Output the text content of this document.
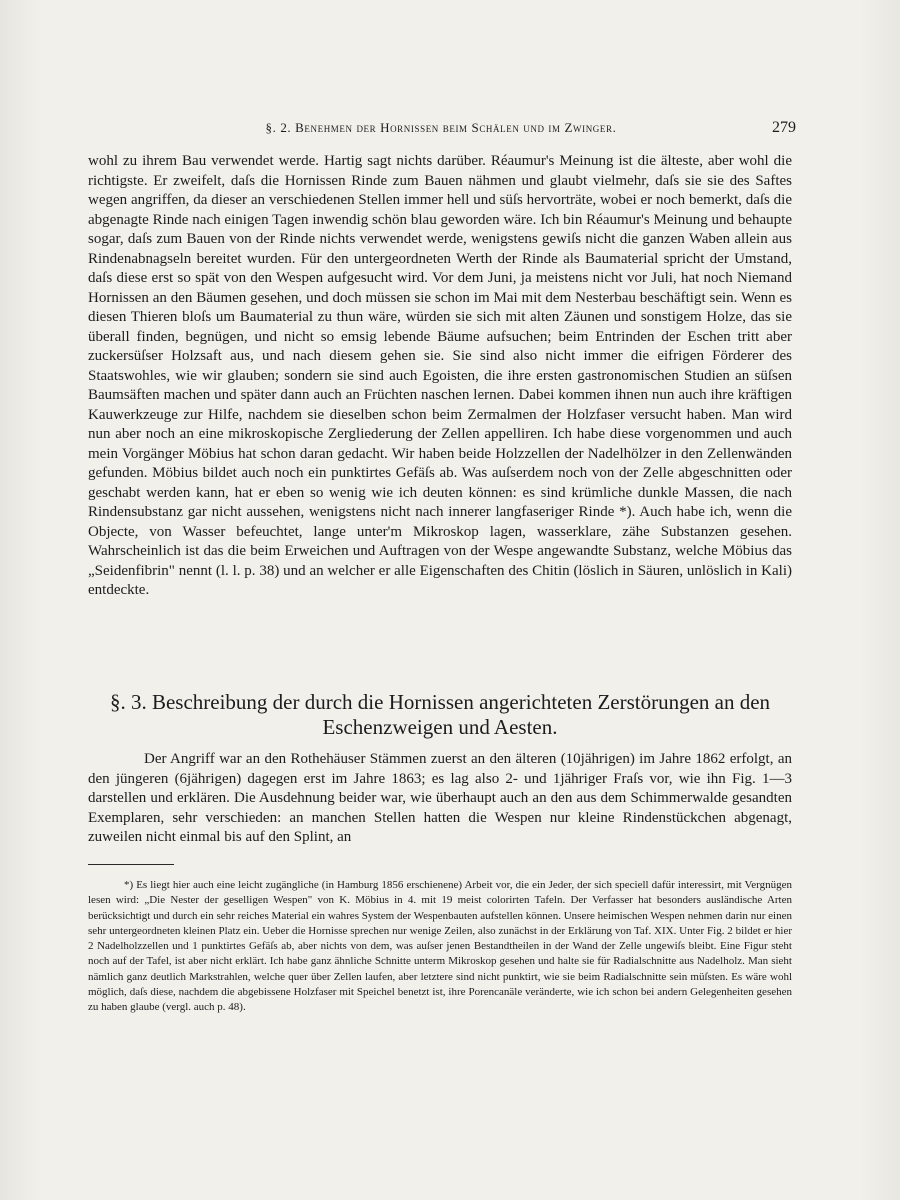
§. 2. Benehmen der Hornissen beim Schälen und im Zwinger.	279

wohl zu ihrem Bau verwendet werde. Hartig sagt nichts darüber. Réaumur's Meinung ist die älteste, aber wohl die richtigste. Er zweifelt, daſs die Hornissen Rinde zum Bauen nähmen und glaubt vielmehr, daſs sie sie des Saftes wegen angriffen, da dieser an verschiedenen Stellen immer hell und süſs hervorträte, wobei er noch bemerkt, daſs die abgenagte Rinde nach einigen Tagen inwendig schön blau geworden wäre. Ich bin Réaumur's Meinung und behaupte sogar, daſs zum Bauen von der Rinde nichts verwendet werde, wenigstens gewiſs nicht die ganzen Waben allein aus Rindenabnagseln bereitet wurden. Für den untergeordneten Werth der Rinde als Baumaterial spricht der Umstand, daſs diese erst so spät von den Wespen aufgesucht wird. Vor dem Juni, ja meistens nicht vor Juli, hat noch Niemand Hornissen an den Bäumen gesehen, und doch müssen sie schon im Mai mit dem Nesterbau beschäftigt sein. Wenn es diesen Thieren bloſs um Baumaterial zu thun wäre, würden sie sich mit alten Zäunen und sonstigem Holze, das sie überall finden, begnügen, und nicht so emsig lebende Bäume aufsuchen; beim Entrinden der Eschen tritt aber zuckersüſser Holzsaft aus, und nach diesem gehen sie. Sie sind also nicht immer die eifrigen Förderer des Staatswohles, wie wir glauben; sondern sie sind auch Egoisten, die ihre ersten gastronomischen Studien an süſsen Baumsäften machen und später dann auch an Früchten naschen lernen. Dabei kommen ihnen nun auch ihre kräftigen Kauwerkzeuge zur Hilfe, nachdem sie dieselben schon beim Zermalmen der Holzfaser versucht haben. Man wird nun aber noch an eine mikroskopische Zergliederung der Zellen appelliren. Ich habe diese vorgenommen und auch mein Vorgänger Möbius hat schon daran gedacht. Wir haben beide Holzzellen der Nadelhölzer in den Zellenwänden gefunden. Möbius bildet auch noch ein punktirtes Gefäſs ab. Was auſserdem noch von der Zelle abgeschnitten oder geschabt werden kann, hat er eben so wenig wie ich deuten können: es sind krümliche dunkle Massen, die nach Rindensubstanz gar nicht aussehen, wenigstens nicht nach innerer langfaseriger Rinde *). Auch habe ich, wenn die Objecte, von Wasser befeuchtet, lange unter'm Mikroskop lagen, wasserklare, zähe Substanzen gesehen. Wahrscheinlich ist das die beim Erweichen und Auftragen von der Wespe angewandte Substanz, welche Möbius das „Seidenfibrin" nennt (l. l. p. 38) und an welcher er alle Eigenschaften des Chitin (löslich in Säuren, unlöslich in Kali) entdeckte.

§. 3. Beschreibung der durch die Hornissen angerichteten Zerstörungen an den Eschenzweigen und Aesten.

Der Angriff war an den Rothehäuser Stämmen zuerst an den älteren (10jährigen) im Jahre 1862 erfolgt, an den jüngeren (6jährigen) dagegen erst im Jahre 1863; es lag also 2- und 1jähriger Fraſs vor, wie ihn Fig. 1—3 darstellen und erklären. Die Ausdehnung beider war, wie überhaupt auch an den aus dem Schimmerwalde gesandten Exemplaren, sehr verschieden: an manchen Stellen hatten die Wespen nur kleine Rindenstückchen abgenagt, zuweilen nicht einmal bis auf den Splint, an

*) Es liegt hier auch eine leicht zugängliche (in Hamburg 1856 erschienene) Arbeit vor, die ein Jeder, der sich speciell dafür interessirt, mit Vergnügen lesen wird: „Die Nester der geselligen Wespen" von K. Möbius in 4. mit 19 meist colorirten Tafeln. Der Verfasser hat besonders ausländische Arten berücksichtigt und durch ein sehr reiches Material ein wahres System der Wespenbauten aufstellen können. Unsere heimischen Wespen nehmen darin nur einen sehr untergeordneten kleinen Platz ein. Ueber die Hornisse sprechen nur wenige Zeilen, also zunächst in der Erklärung von Taf. XIX. Unter Fig. 2 bildet er hier 2 Nadelholzzellen und 1 punktirtes Gefäſs ab, aber nichts von dem, was auſser jenen Bestandtheilen in der Wand der Zelle ungewiſs bleibt. Eine Figur steht noch auf der Tafel, ist aber nicht erklärt. Ich habe ganz ähnliche Schnitte unterm Mikroskop gesehen und halte sie für Radialschnitte aus Nadelholz. Man sieht nämlich ganz deutlich Markstrahlen, welche quer über Zellen laufen, aber letztere sind nicht punktirt, wie sie beim Radialschnitte sein müſsten. Es wäre wohl möglich, daſs diese, nachdem die abgebissene Holzfaser mit Speichel benetzt ist, ihre Porencanäle veränderte, wie ich schon bei andern Gelegenheiten gesehen zu haben glaube (vergl. auch p. 48).
